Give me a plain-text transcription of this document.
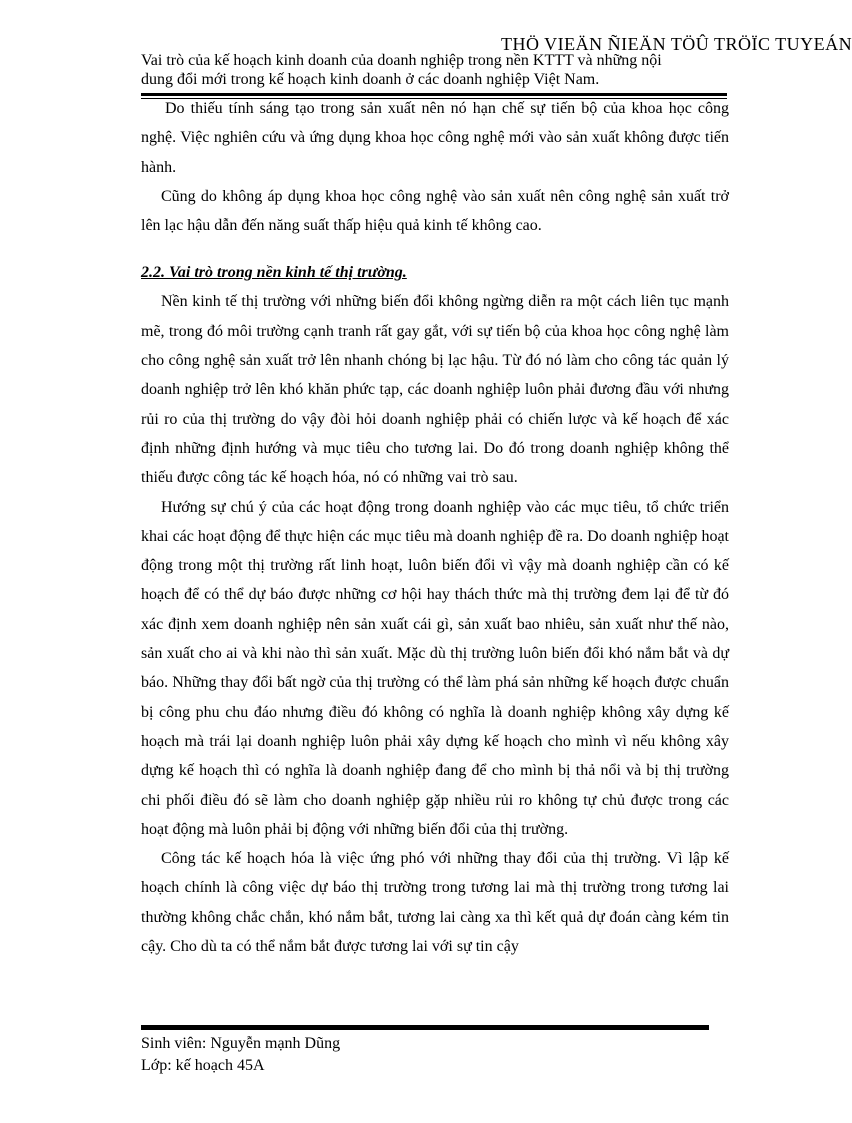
THÖ VIEÄN ÑIEÄN TÖÛ TRÖÏC TUYEÁN
Vai trò của kế hoạch kinh doanh của doanh nghiệp trong nền KTTT và những nội
dung đổi mới trong kế hoạch kinh doanh ở các doanh nghiệp Việt Nam.

Do thiếu tính sáng tạo trong sản xuất nên nó hạn chế sự tiến bộ của khoa học công nghệ. Việc nghiên cứu và ứng dụng khoa học công nghệ mới vào sản xuất không được tiến hành.

Cũng do không áp dụng khoa học công nghệ vào sản xuất nên công nghệ sản xuất trở lên lạc hậu dẫn đến năng suất thấp hiệu quả kinh tế không cao.

2.2. Vai trò trong nền kinh tế thị trường.

Nền kinh tế thị trường với những biến đổi không ngừng diễn ra một cách liên tục mạnh mẽ, trong đó môi trường cạnh tranh rất gay gắt, với sự tiến bộ của khoa học công nghệ làm cho công nghệ sản xuất trở lên nhanh chóng bị lạc hậu. Từ đó nó làm cho công tác quản lý doanh nghiệp trở lên khó khăn phức tạp, các doanh nghiệp luôn phải đương đầu với nhưng rủi ro của thị trường do vậy đòi hỏi doanh nghiệp phải có chiến lược và kế hoạch để xác định những định hướng và mục tiêu cho tương lai. Do đó trong doanh nghiệp không thể thiếu được công tác kế hoạch hóa, nó có những vai trò sau.

Hướng sự chú ý của các hoạt động trong doanh nghiệp vào các mục tiêu, tổ chức triển khai các hoạt động để thực hiện các mục tiêu mà doanh nghiệp đề ra. Do doanh nghiệp hoạt động trong một thị trường rất linh hoạt, luôn biến đổi vì vậy mà doanh nghiệp cần có kế hoạch để có thể dự báo được những cơ hội hay thách thức mà thị trường đem lại để từ đó xác định xem doanh nghiệp nên sản xuất cái gì, sản xuất bao nhiêu, sản xuất như thế nào, sản xuất cho ai và khi nào thì sản xuất. Mặc dù thị trường luôn biến đổi khó nắm bắt và dự báo. Những thay đổi bất ngờ của thị trường có thể làm phá sản những kế hoạch được chuẩn bị công phu chu đáo nhưng điều đó không có nghĩa là doanh nghiệp không xây dựng kế hoạch mà trái lại doanh nghiệp luôn phải xây dựng kế hoạch cho mình vì nếu không xây dựng kế hoạch thì có nghĩa là doanh nghiệp đang để cho mình bị thả nổi và bị thị trường chi phối điều đó sẽ làm cho doanh nghiệp gặp nhiều rủi ro không tự chủ được trong các hoạt động mà luôn phải bị động với những biến đổi của thị trường.

Công tác kế hoạch hóa là việc ứng phó với những thay đổi của thị trường. Vì lập kế hoạch chính là công việc dự báo thị trường trong tương lai mà thị trường trong tương lai thường không chắc chắn, khó nắm bắt, tương lai càng xa thì kết quả dự đoán càng kém tin cậy. Cho dù ta có thể nắm bắt được tương lai với sự tin cậy

Sinh viên: Nguyễn mạnh Dũng
Lớp: kế hoạch 45A
